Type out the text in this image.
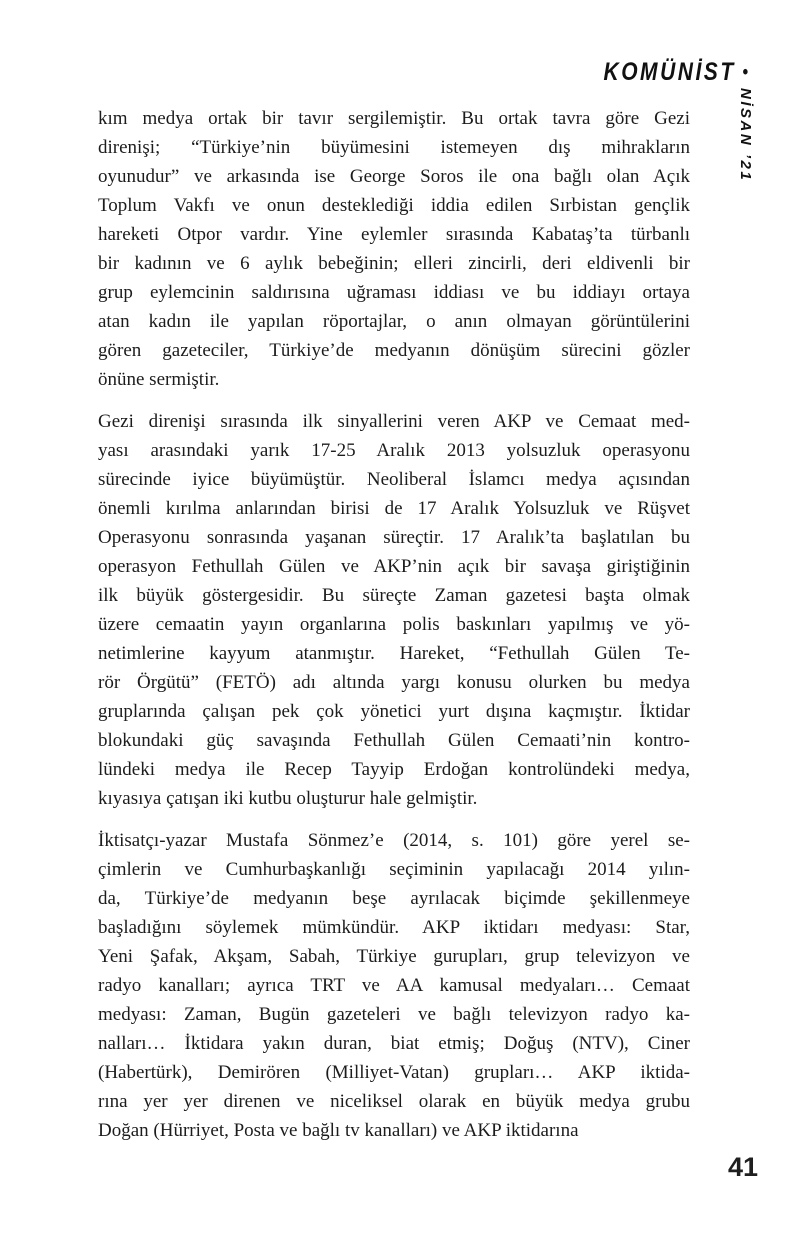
KOMÜNİST •
NİSAN ’21

kım medya ortak bir tavır sergilemiştir. Bu ortak tavra göre Gezi
direnişi; “Türkiye’nin büyümesini istemeyen dış mihrakların
oyunudur” ve arkasında ise George Soros ile ona bağlı olan Açık
Toplum Vakfı ve onun desteklediği iddia edilen Sırbistan gençlik
hareketi Otpor vardır. Yine eylemler sırasında Kabataş’ta türbanlı
bir kadının ve 6 aylık bebeğinin; elleri zincirli, deri eldivenli bir
grup eylemcinin saldırısına uğraması iddiası ve bu iddiayı ortaya
atan kadın ile yapılan röportajlar, o anın olmayan görüntülerini
gören gazeteciler, Türkiye’de medyanın dönüşüm sürecini gözler
önüne sermiştir.

Gezi direnişi sırasında ilk sinyallerini veren AKP ve Cemaat med-
yası arasındaki yarık 17-25 Aralık 2013 yolsuzluk operasyonu
sürecinde iyice büyümüştür. Neoliberal İslamcı medya açısından
önemli kırılma anlarından birisi de 17 Aralık Yolsuzluk ve Rüşvet
Operasyonu sonrasında yaşanan süreçtir. 17 Aralık’ta başlatılan bu
operasyon Fethullah Gülen ve AKP’nin açık bir savaşa giriştiğinin
ilk büyük göstergesidir. Bu süreçte Zaman gazetesi başta olmak
üzere cemaatin yayın organlarına polis baskınları yapılmış ve yö-
netimlerine kayyum atanmıştır. Hareket, “Fethullah Gülen Te-
rör Örgütü” (FETÖ) adı altında yargı konusu olurken bu medya
gruplarında çalışan pek çok yönetici yurt dışına kaçmıştır. İktidar
blokundaki güç savaşında Fethullah Gülen Cemaati’nin kontro-
lündeki medya ile Recep Tayyip Erdoğan kontrolündeki medya,
kıyasıya çatışan iki kutbu oluşturur hale gelmiştir.

İktisatçı-yazar Mustafa Sönmez’e (2014, s. 101) göre yerel se-
çimlerin ve Cumhurbaşkanlığı seçiminin yapılacağı 2014 yılın-
da, Türkiye’de medyanın beşe ayrılacak biçimde şekillenmeye
başladığını söylemek mümkündür. AKP iktidarı medyası: Star,
Yeni Şafak, Akşam, Sabah, Türkiye gurupları, grup televizyon ve
radyo kanalları; ayrıca TRT ve AA kamusal medyaları… Cemaat
medyası: Zaman, Bugün gazeteleri ve bağlı televizyon radyo ka-
nalları… İktidara yakın duran, biat etmiş; Doğuş (NTV), Ciner
(Habertürk), Demirören (Milliyet-Vatan) grupları… AKP iktida-
rına yer yer direnen ve niceliksel olarak en büyük medya grubu
Doğan (Hürriyet, Posta ve bağlı tv kanalları) ve AKP iktidarına

41
